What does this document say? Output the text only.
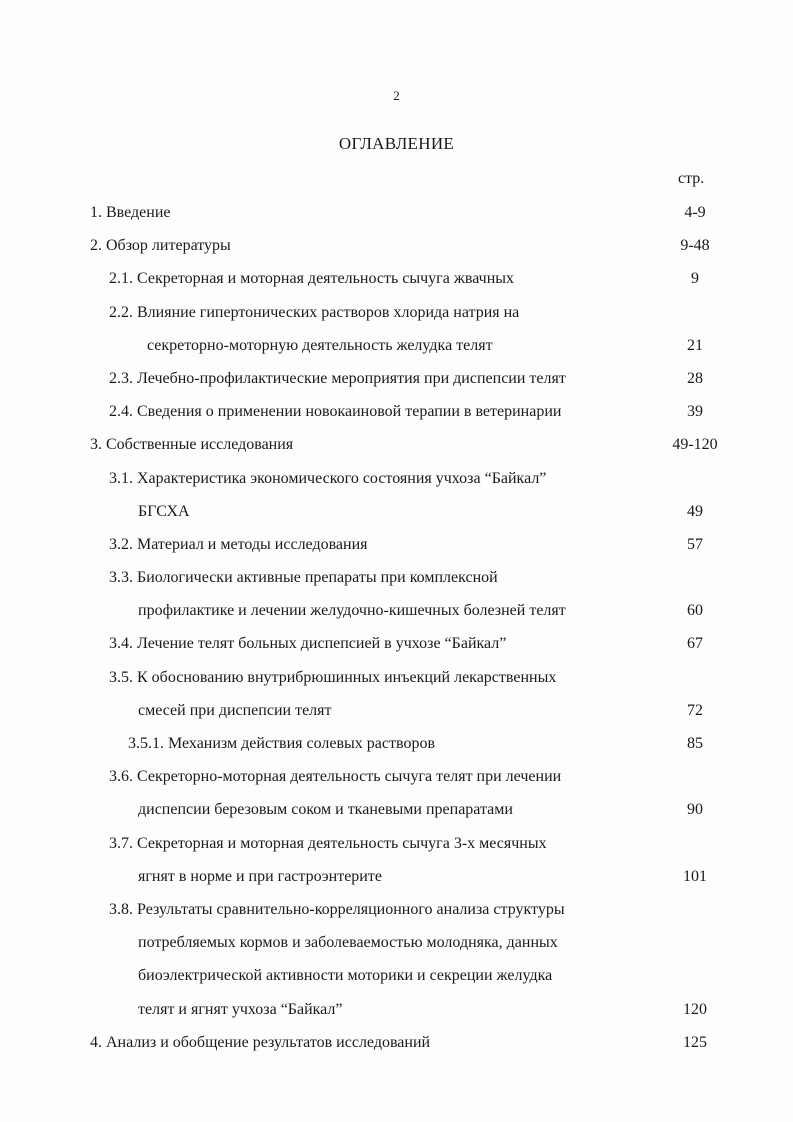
2
ОГЛАВЛЕНИЕ
стр.
1. Введение	4-9
2. Обзор литературы	9-48
2.1. Секреторная и моторная деятельность сычуга жвачных	9
2.2. Влияние гипертонических растворов хлорида натрия на
секреторно-моторную деятельность желудка телят	21
2.3. Лечебно-профилактические мероприятия при диспепсии телят	28
2.4. Сведения о применении новокаиновой терапии в ветеринарии	39
3. Собственные исследования	49-120
3.1. Характеристика экономического состояния учхоза “Байкал”
БГСХА	49
3.2. Материал и методы исследования	57
3.3. Биологически активные препараты при комплексной
профилактике и лечении желудочно-кишечных болезней телят	60
3.4. Лечение телят больных диспепсией в учхозе “Байкал”	67
3.5. К обоснованию внутрибрюшинных инъекций лекарственных
смесей при диспепсии телят	72
3.5.1. Механизм действия солевых растворов	85
3.6. Секреторно-моторная деятельность сычуга телят при лечении
диспепсии березовым соком и тканевыми препаратами	90
3.7. Секреторная и моторная деятельность сычуга 3-х месячных
ягнят в норме и при гастроэнтерите	101
3.8. Результаты сравнительно-корреляционного анализа структуры
потребляемых кормов и заболеваемостью молодняка, данных
биоэлектрической активности моторики и секреции желудка
телят и ягнят учхоза “Байкал”	120
4. Анализ и обобщение результатов исследований	125
